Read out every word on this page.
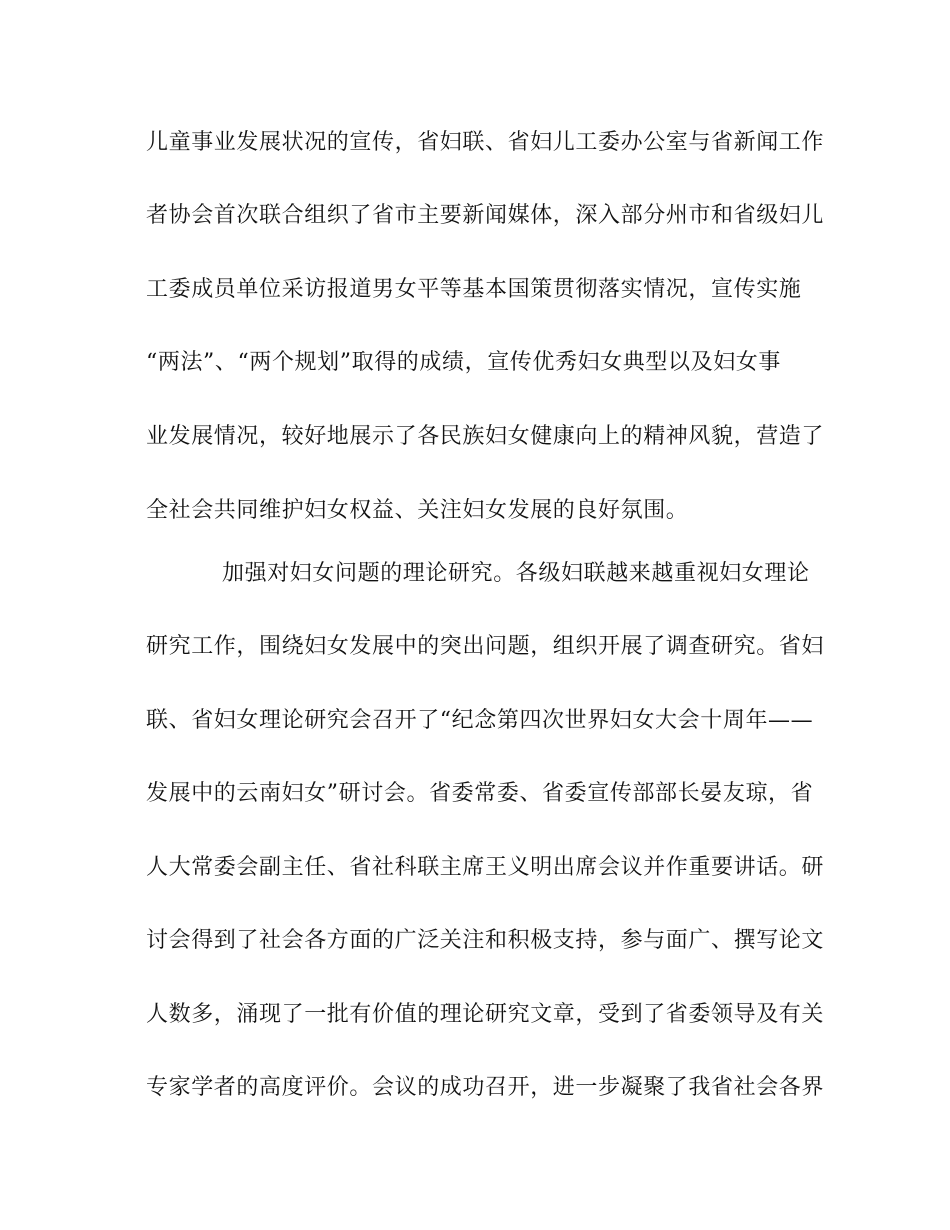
儿童事业发展状况的宣传，省妇联、省妇儿工委办公室与省新闻工作
者协会首次联合组织了省市主要新闻媒体，深入部分州市和省级妇儿
工委成员单位采访报道男女平等基本国策贯彻落实情况，宣传实施
“两法”、“两个规划”取得的成绩，宣传优秀妇女典型以及妇女事
业发展情况，较好地展示了各民族妇女健康向上的精神风貌，营造了
全社会共同维护妇女权益、关注妇女发展的良好氛围。
加强对妇女问题的理论研究。各级妇联越来越重视妇女理论
研究工作，围绕妇女发展中的突出问题，组织开展了调查研究。省妇
联、省妇女理论研究会召开了“纪念第四次世界妇女大会十周年——
发展中的云南妇女”研讨会。省委常委、省委宣传部部长晏友琼，省
人大常委会副主任、省社科联主席王义明出席会议并作重要讲话。研
讨会得到了社会各方面的广泛关注和积极支持，参与面广、撰写论文
人数多，涌现了一批有价值的理论研究文章，受到了省委领导及有关
专家学者的高度评价。会议的成功召开，进一步凝聚了我省社会各界
